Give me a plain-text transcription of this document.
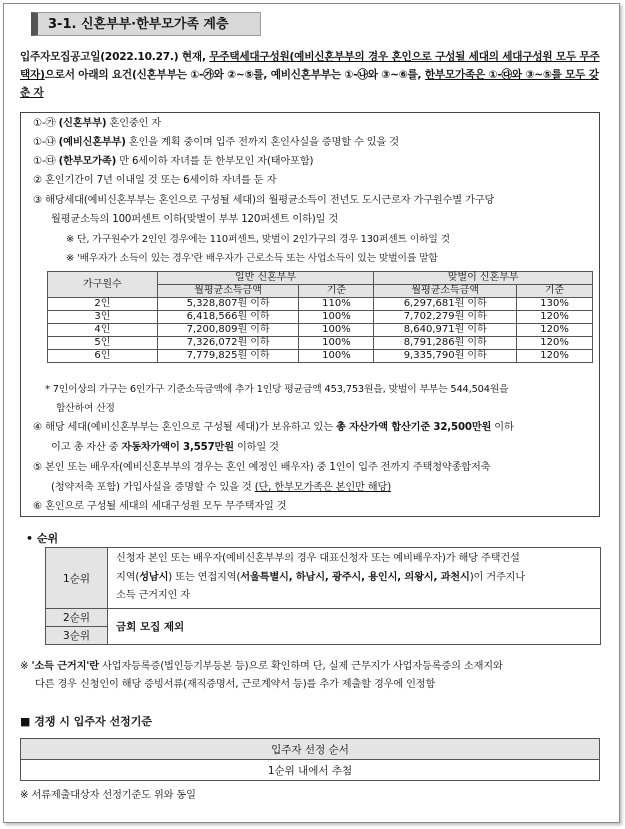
3-1. 신혼부부·한부모가족 계층
입주자모집공고일(2022.10.27.) 현재, 무주택세대구성원(예비신혼부부의 경우 혼인으로 구성될 세대의 세대구성원 모두 무주택자)으로서 아래의 요건(신혼부부는 ①-㉮와 ②~⑤를, 예비신혼부부는 ①-㉯와 ③~⑥를, 한부모가족은 ①-㉰와 ③~⑤를 모두 갖춘 자
①-㉮ (신혼부부) 혼인중인 자
①-㉯ (예비신혼부부) 혼인을 계획 중이며 입주 전까지 혼인사실을 증명할 수 있을 것
①-㉰ (한부모가족) 만 6세이하 자녀를 둔 한부모인 자(태아포함)
② 혼인기간이 7년 이내일 것 또는 6세이하 자녀를 둔 자
③ 해당세대(예비신혼부부는 혼인으로 구성될 세대)의 월평균소득이 전년도 도시근로자 가구원수별 가구당
월평균소득의 100퍼센트 이하(맞벌이 부부 120퍼센트 이하)일 것
※ 단, 가구원수가 2인인 경우에는 110퍼센트, 맞벌이 2인가구의 경우 130퍼센트 이하일 것
※ '배우자가 소득이 있는 경우'란 배우자가 근로소득 또는 사업소득이 있는 맞벌이를 말함
가구원수	일반 신혼부부		맞벌이 신혼부부	
	월평균소득금액	기준	월평균소득금액	기준
2인	5,328,807원 이하	110%	6,297,681원 이하	130%
3인	6,418,566원 이하	100%	7,702,279원 이하	120%
4인	7,200,809원 이하	100%	8,640,971원 이하	120%
5인	7,326,072원 이하	100%	8,791,286원 이하	120%
6인	7,779,825원 이하	100%	9,335,790원 이하	120%
* 7인이상의 가구는 6인가구 기준소득금액에 추가 1인당 평균금액 453,753원을, 맞벌이 부부는 544,504원을
합산하여 산정
④ 해당 세대(예비신혼부부는 혼인으로 구성될 세대)가 보유하고 있는 총 자산가액 합산기준 32,500만원 이하
이고 총 자산 중 자동차가액이 3,557만원 이하일 것
⑤ 본인 또는 배우자(예비신혼부부의 경우는 혼인 예정인 배우자) 중 1인이 입주 전까지 주택청약종합저축
(청약저축 포함) 가입사실을 증명할 수 있을 것 (단, 한부모가족은 본인만 해당)
⑥ 혼인으로 구성될 세대의 세대구성원 모두 무주택자일 것
• 순위
1순위	신청자 본인 또는 배우자(예비신혼부부의 경우 대표신청자 또는 예비배우자)가 해당 주택건설
지역(성남시) 또는 연접지역(서울특별시, 하남시, 광주시, 용인시, 의왕시, 과천시)이 거주지나
소득 근거지인 자

2순위	금회 모집 제외
3순위	
※ '소득 근거지'란 사업자등록증(법인등기부등본 등)으로 확인하며 단, 실제 근무지가 사업자등록증의 소재지와
다른 경우 신청인이 해당 증빙서류(재직증명서, 근로계약서 등)를 추가 제출할 경우에 인정함
■ 경쟁 시 입주자 선정기준
입주자 선정 순서
1순위 내에서 추첨
※ 서류제출대상자 선정기준도 위와 동일
